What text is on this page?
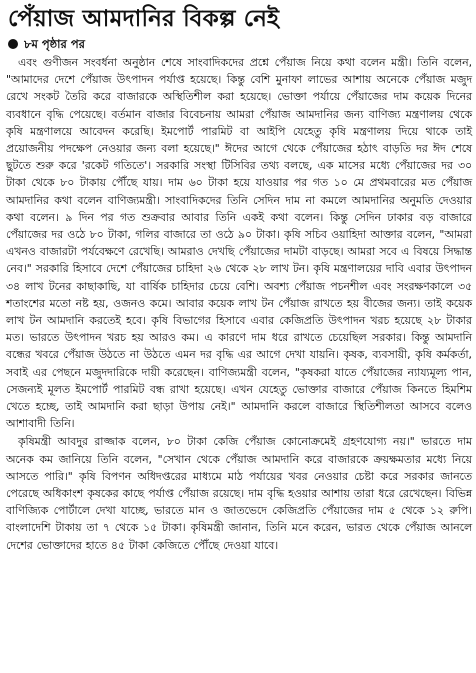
পেঁয়াজ আমদানির বিকল্প নেই
৮ম পৃষ্ঠার পর

এবং গুণীজন সংবর্ধনা অনুষ্ঠান শেষে সাংবাদিকদের প্রশ্নে পেঁয়াজ নিয়ে কথা বলেন মন্ত্রী। তিনি বলেন, "আমাদের দেশে পেঁয়াজ উৎপাদন পর্যাপ্ত হয়েছে। কিন্তু বেশি মুনাফা লাভের আশায় অনেকে পেঁয়াজ মজুদ রেখে সংকট তৈরি করে বাজারকে অস্থিতিশীল করা হয়েছে। ভোক্তা পর্যায়ে পেঁয়াজের দাম কয়েক দিনের ব্যবধানে বৃদ্ধি পেয়েছে। বর্তমান বাজার বিবেচনায় আমরা পেঁয়াজ আমদানির জন্য বাণিজ্য মন্ত্রণালয় থেকে কৃষি মন্ত্রণালয়ে আবেদন করেছি। ইমপোর্ট পারমিট বা আইপি যেহেতু কৃষি মন্ত্রণালয় দিয়ে থাকে তাই প্রয়োজনীয় পদক্ষেপ নেওয়ার জন্য বলা হয়েছে।" ঈদের আগে থেকে পেঁয়াজের হঠাৎ বাড়তি দর ঈদ শেষে ছুটতে শুরু করে 'রকেট গতিতে'। সরকারি সংস্থা টিসিবির তথ্য বলছে, এক মাসের মধ্যে পেঁয়াজের দর ৩০ টাকা থেকে ৮০ টাকায় পৌঁছে যায়। দাম ৬০ টাকা হয়ে যাওয়ার পর গত ১০ মে প্রথমবারের মত পেঁয়াজ আমদানির কথা বলেন বাণিজ্যমন্ত্রী। সাংবাদিকদের তিনি সেদিন দাম না কমলে আমদানির অনুমতি দেওয়ার কথা বলেন। ৯ দিন পর গত শুক্রবার আবার তিনি একই কথা বলেন। কিন্তু সেদিন ঢাকার বড় বাজারে পেঁয়াজের দর ওঠে ৮০ টাকা, গলির বাজারে তা ওঠে ৯০ টাকা। কৃষি সচিব ওয়াহিদা আক্তার বলেন, "আমরা এখনও বাজারটা পর্যবেক্ষণে রেখেছি। আমরাও দেখছি পেঁয়াজের দামটা বাড়ছে। আমরা সবে এ বিষয়ে সিদ্ধান্ত নেব।" সরকারি হিসাবে দেশে পেঁয়াজের চাহিদা ২৬ থেকে ২৮ লাখ টন। কৃষি মন্ত্রণালয়ের দাবি এবার উৎপাদন ৩৪ লাখ টনের কাছাকাছি, যা বার্ষিক চাহিদার চেয়ে বেশি। অবশ্য পেঁয়াজ পচনশীল এবং সংরক্ষণকালে ৩৫ শতাংশের মতো নষ্ট হয়, ওজনও কমে। আবার কয়েক লাখ টন পেঁয়াজ রাখতে হয় বীজের জন্য। তাই কয়েক লাখ টন আমদানি করতেই হবে। কৃষি বিভাগের হিসাবে এবার কেজিপ্রতি উৎপাদন খরচ হয়েছে ২৮ টাকার মত। ভারতে উৎপাদন খরচ হয় আরও কম। এ কারণে দাম ধরে রাখতে চেয়েছিল সরকার। কিন্তু আমদানি বন্ধের খবরে পেঁয়াজ উঠতে না উঠতে এমন দর বৃদ্ধি এর আগে দেখা যায়নি। কৃষক, ব্যবসায়ী, কৃষি কর্মকর্তা, সবাই এর পেছনে মজুদদারিকে দায়ী করেছেন। বাণিজ্যমন্ত্রী বলেন, "কৃষকরা যাতে পেঁয়াজের ন্যায্যমূল্য পান, সেজন্যই মূলত ইমপোর্ট পারমিট বন্ধ রাখা হয়েছে। এখন যেহেতু ভোক্তার বাজারে পেঁয়াজ কিনতে হিমশিম খেতে হচ্ছে, তাই আমদানি করা ছাড়া উপায় নেই।" আমদানি করলে বাজারে স্থিতিশীলতা আসবে বলেও আশাবাদী তিনি।

কৃষিমন্ত্রী আবদুর রাজ্জাক বলেন, ৮০ টাকা কেজি পেঁয়াজ কোনোক্রমেই গ্রহণযোগ্য নয়।" ভারতে দাম অনেক কম জানিয়ে তিনি বলেন, "সেখান থেকে পেঁয়াজ আমদানি করে বাজারকে ক্রয়ক্ষমতার মধ্যে নিয়ে আসতে পারি।" কৃষি বিপণন অধিদপ্তরের মাধ্যমে মাঠ পর্যায়ের খবর নেওয়ার চেষ্টা করে সরকার জানতে পেরেছে অধিকাংশ কৃষকের কাছে পর্যাপ্ত পেঁয়াজ রয়েছে। দাম বৃদ্ধি হওয়ার আশায় তারা ধরে রেখেছেন। বিভিন্ন বাণিজ্যিক পোর্টালে দেখা যাচ্ছে, ভারতে মান ও জাতভেদে কেজিপ্রতি পেঁয়াজের দাম ৫ থেকে ১২ রুপি। বাংলাদেশি টাকায় তা ৭ থেকে ১৫ টাকা। কৃষিমন্ত্রী জানান, তিনি মনে করেন, ভারত থেকে পেঁয়াজ আনলে দেশের ভোক্তাদের হাতে ৪৫ টাকা কেজিতে পৌঁছে দেওয়া যাবে।
